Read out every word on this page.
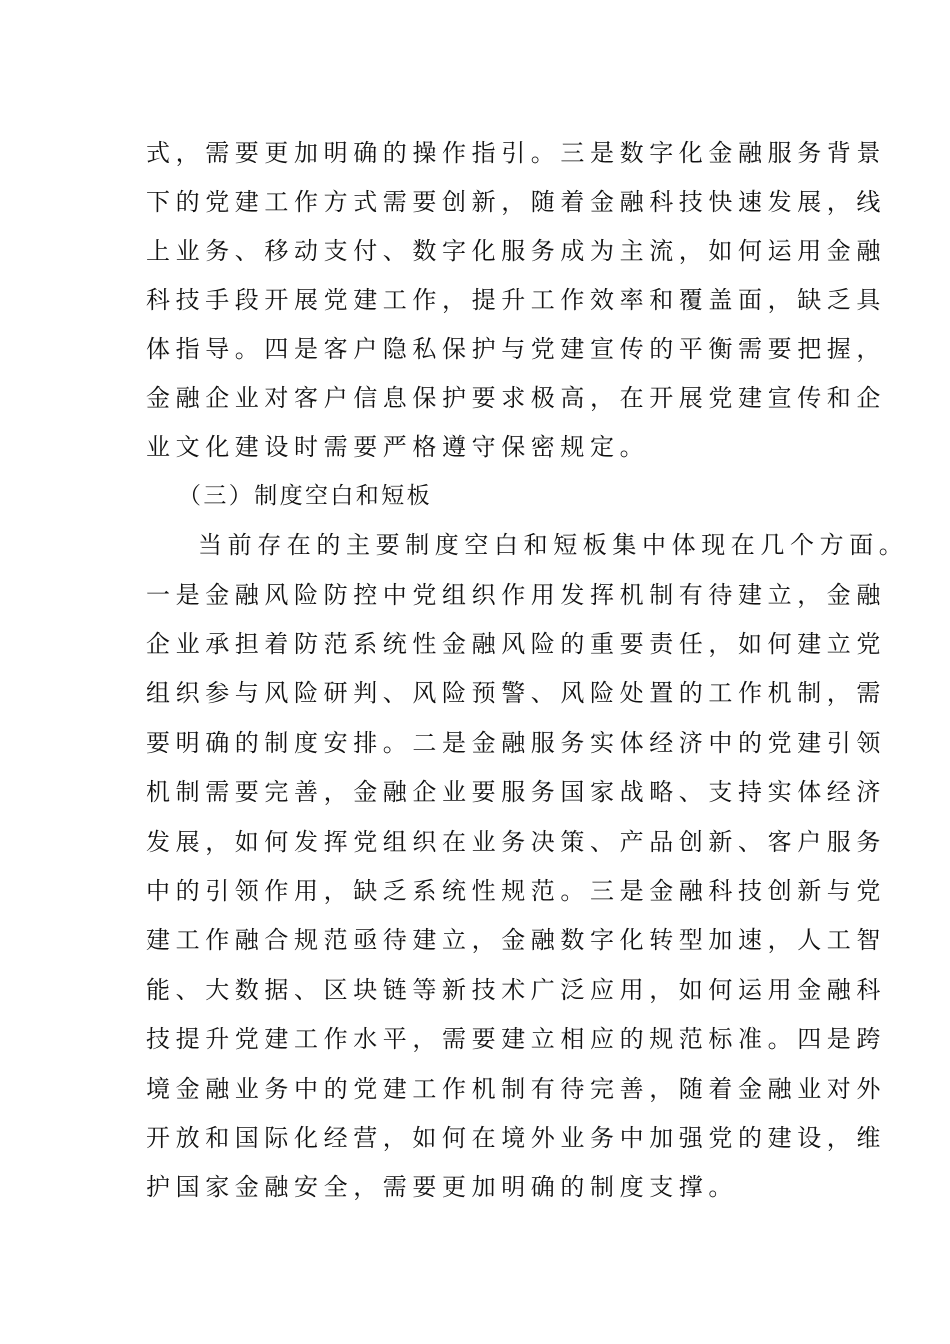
式，需要更加明确的操作指引。三是数字化金融服务背景
下的党建工作方式需要创新，随着金融科技快速发展，线
上业务、移动支付、数字化服务成为主流，如何运用金融
科技手段开展党建工作，提升工作效率和覆盖面，缺乏具
体指导。四是客户隐私保护与党建宣传的平衡需要把握，
金融企业对客户信息保护要求极高，在开展党建宣传和企
业文化建设时需要严格遵守保密规定。
（三）制度空白和短板
当前存在的主要制度空白和短板集中体现在几个方面。
一是金融风险防控中党组织作用发挥机制有待建立，金融
企业承担着防范系统性金融风险的重要责任，如何建立党
组织参与风险研判、风险预警、风险处置的工作机制，需
要明确的制度安排。二是金融服务实体经济中的党建引领
机制需要完善，金融企业要服务国家战略、支持实体经济
发展，如何发挥党组织在业务决策、产品创新、客户服务
中的引领作用，缺乏系统性规范。三是金融科技创新与党
建工作融合规范亟待建立，金融数字化转型加速，人工智
能、大数据、区块链等新技术广泛应用，如何运用金融科
技提升党建工作水平，需要建立相应的规范标准。四是跨
境金融业务中的党建工作机制有待完善，随着金融业对外
开放和国际化经营，如何在境外业务中加强党的建设，维
护国家金融安全，需要更加明确的制度支撑。
